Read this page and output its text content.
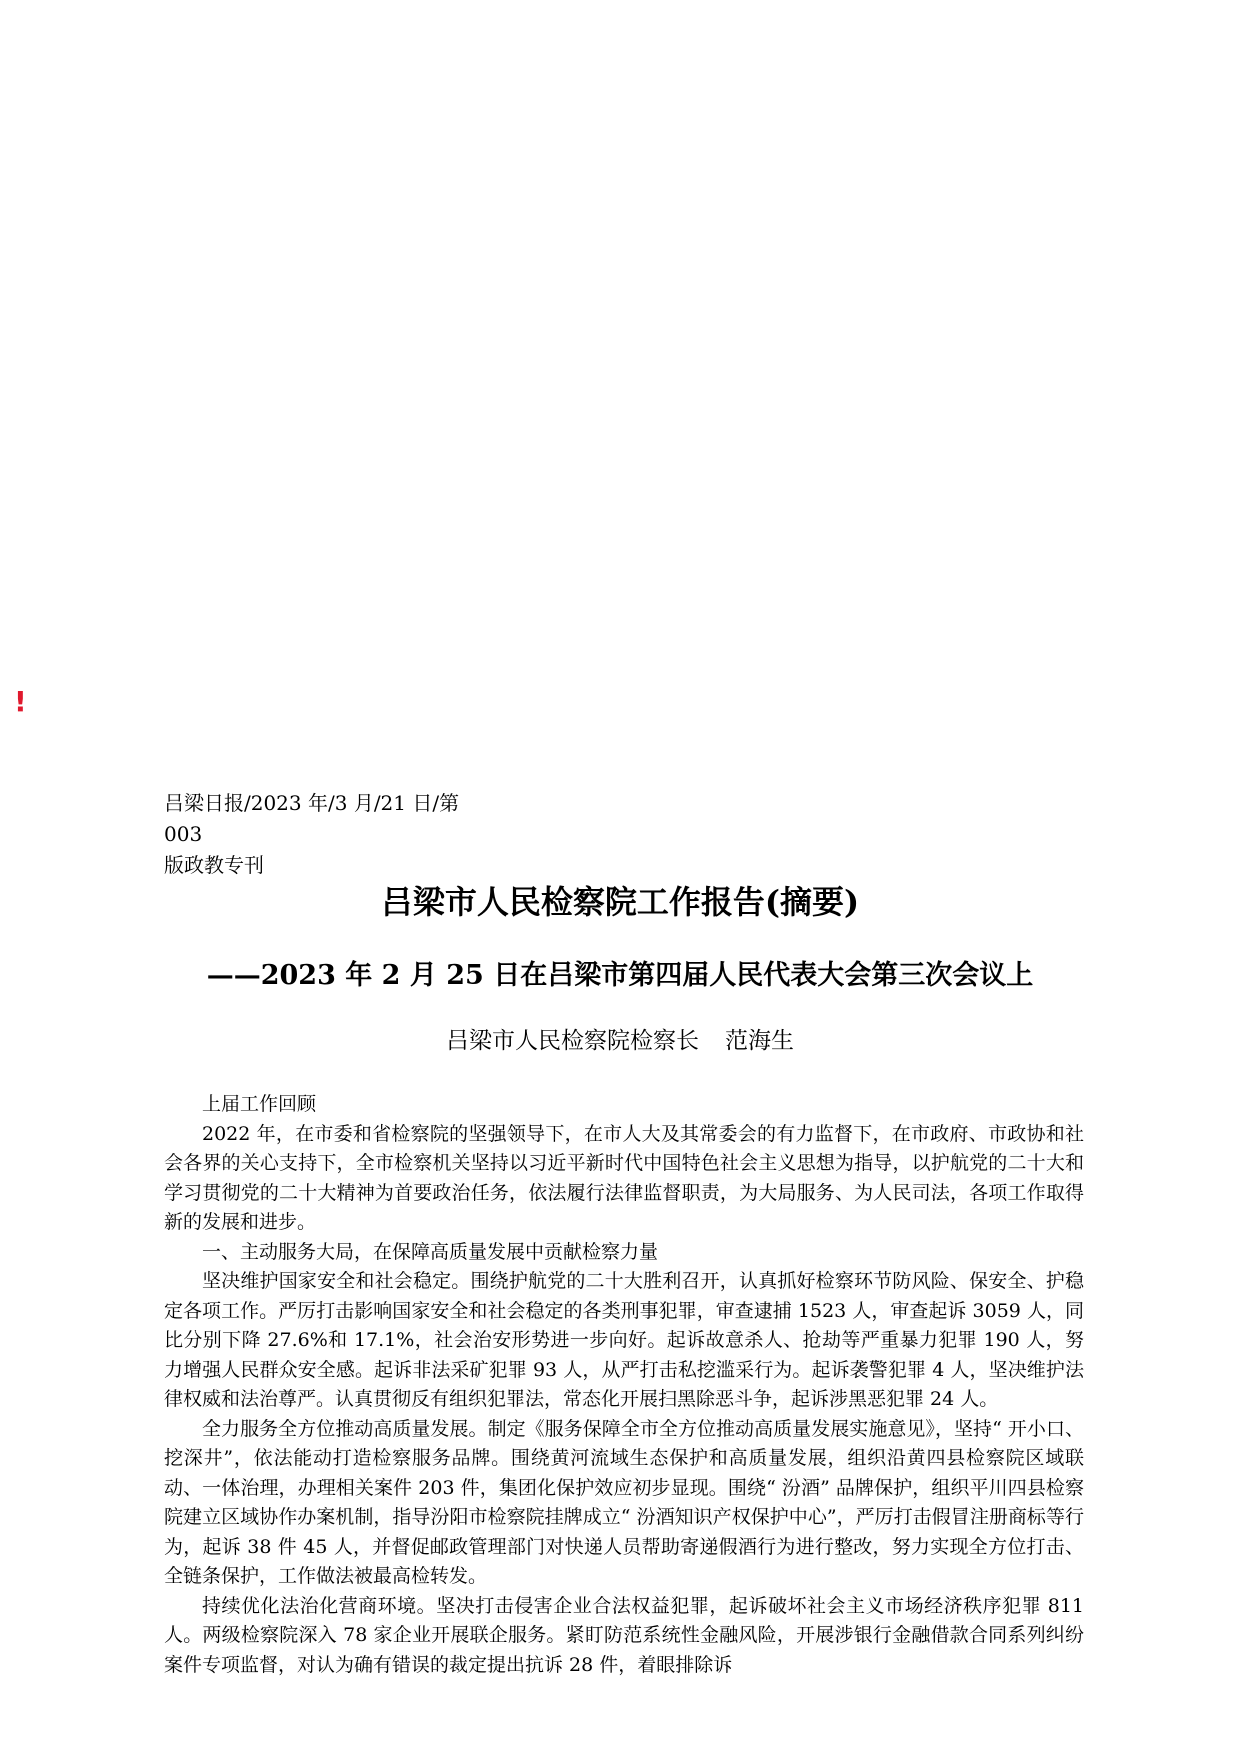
!
吕梁日报/2023 年/3 月/21 日/第 003
版政教专刊
吕梁市人民检察院工作报告(摘要)
——2023 年 2 月 25 日在吕梁市第四届人民代表大会第三次会议上
吕梁市人民检察院检察长 范海生

上届工作回顾

2022 年，在市委和省检察院的坚强领导下，在市人大及其常委会的有力监督下，在市政府、市政协和社会各界的关心支持下，全市检察机关坚持以习近平新时代中国特色社会主义思想为指导，以护航党的二十大和学习贯彻党的二十大精神为首要政治任务，依法履行法律监督职责，为大局服务、为人民司法，各项工作取得新的发展和进步。

一、主动服务大局，在保障高质量发展中贡献检察力量

坚决维护国家安全和社会稳定。围绕护航党的二十大胜利召开，认真抓好检察环节防风险、保安全、护稳定各项工作。严厉打击影响国家安全和社会稳定的各类刑事犯罪，审查逮捕 1523 人，审查起诉 3059 人，同比分别下降 27.6%和 17.1%，社会治安形势进一步向好。起诉故意杀人、抢劫等严重暴力犯罪 190 人，努力增强人民群众安全感。起诉非法采矿犯罪 93 人，从严打击私挖滥采行为。起诉袭警犯罪 4 人，坚决维护法律权威和法治尊严。认真贯彻反有组织犯罪法，常态化开展扫黑除恶斗争，起诉涉黑恶犯罪 24 人。

全力服务全方位推动高质量发展。制定《服务保障全市全方位推动高质量发展实施意见》，坚持“ 开小口、挖深井”，依法能动打造检察服务品牌。围绕黄河流域生态保护和高质量发展，组织沿黄四县检察院区域联动、一体治理，办理相关案件 203 件，集团化保护效应初步显现。围绕“ 汾酒” 品牌保护，组织平川四县检察院建立区域协作办案机制，指导汾阳市检察院挂牌成立“ 汾酒知识产权保护中心”，严厉打击假冒注册商标等行为，起诉 38 件 45 人，并督促邮政管理部门对快递人员帮助寄递假酒行为进行整改，努力实现全方位打击、全链条保护，工作做法被最高检转发。

持续优化法治化营商环境。坚决打击侵害企业合法权益犯罪，起诉破坏社会主义市场经济秩序犯罪 811 人。两级检察院深入 78 家企业开展联企服务。紧盯防范系统性金融风险，开展涉银行金融借款合同系列纠纷案件专项监督，对认为确有错误的裁定提出抗诉 28 件，着眼排除诉
